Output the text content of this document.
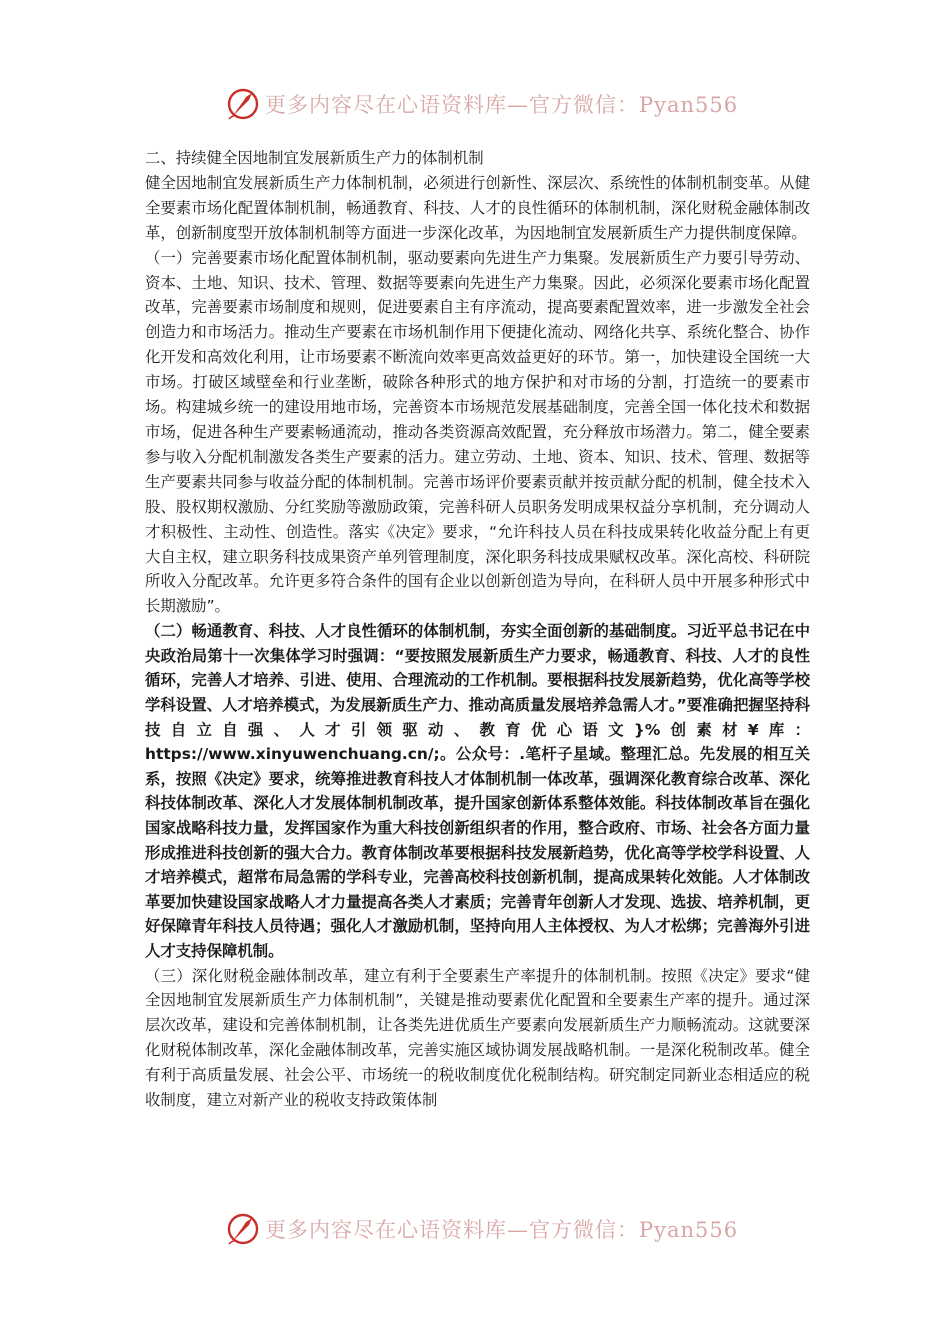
更多内容尽在心语资料库—官方微信：Pyan556

二、持续健全因地制宜发展新质生产力的体制机制

健全因地制宜发展新质生产力体制机制，必须进行创新性、深层次、系统性的体制机制变革。从健全要素市场化配置体制机制，畅通教育、科技、人才的良性循环的体制机制，深化财税金融体制改革，创新制度型开放体制机制等方面进一步深化改革，为因地制宜发展新质生产力提供制度保障。

（一）完善要素市场化配置体制机制，驱动要素向先进生产力集聚。发展新质生产力要引导劳动、资本、土地、知识、技术、管理、数据等要素向先进生产力集聚。因此，必须深化要素市场化配置改革，完善要素市场制度和规则，促进要素自主有序流动，提高要素配置效率，进一步激发全社会创造力和市场活力。推动生产要素在市场机制作用下便捷化流动、网络化共享、系统化整合、协作化开发和高效化利用，让市场要素不断流向效率更高效益更好的环节。第一，加快建设全国统一大市场。打破区域壁垒和行业垄断，破除各种形式的地方保护和对市场的分割，打造统一的要素市场。构建城乡统一的建设用地市场，完善资本市场规范发展基础制度，完善全国一体化技术和数据市场，促进各种生产要素畅通流动，推动各类资源高效配置，充分释放市场潜力。第二，健全要素参与收入分配机制激发各类生产要素的活力。建立劳动、土地、资本、知识、技术、管理、数据等生产要素共同参与收益分配的体制机制。完善市场评价要素贡献并按贡献分配的机制，健全技术入股、股权期权激励、分红奖励等激励政策，完善科研人员职务发明成果权益分享机制，充分调动人才积极性、主动性、创造性。落实《决定》要求，“允许科技人员在科技成果转化收益分配上有更大自主权，建立职务科技成果资产单列管理制度，深化职务科技成果赋权改革。深化高校、科研院所收入分配改革。允许更多符合条件的国有企业以创新创造为导向，在科研人员中开展多种形式中长期激励”。

（二）畅通教育、科技、人才良性循环的体制机制，夯实全面创新的基础制度。习近平总书记在中央政治局第十一次集体学习时强调：“要按照发展新质生产力要求，畅通教育、科技、人才的良性循环，完善人才培养、引进、使用、合理流动的工作机制。要根据科技发展新趋势，优化高等学校学科设置、人才培养模式，为发展新质生产力、推动高质量发展培养急需人才。”要准确把握坚持科技自立自强、人才引领驱动、教育优心语文}%创素材¥库：https://www.xinyuwenchuang.cn/;。公众号：.笔杆子星域。整理汇总。先发展的相互关系，按照《决定》要求，统筹推进教育科技人才体制机制一体改革，强调深化教育综合改革、深化科技体制改革、深化人才发展体制机制改革，提升国家创新体系整体效能。科技体制改革旨在强化国家战略科技力量，发挥国家作为重大科技创新组织者的作用，整合政府、市场、社会各方面力量形成推进科技创新的强大合力。教育体制改革要根据科技发展新趋势，优化高等学校学科设置、人才培养模式，超常布局急需的学科专业，完善高校科技创新机制，提高成果转化效能。人才体制改革要加快建设国家战略人才力量提高各类人才素质；完善青年创新人才发现、选拔、培养机制，更好保障青年科技人员待遇；强化人才激励机制，坚持向用人主体授权、为人才松绑；完善海外引进人才支持保障机制。

（三）深化财税金融体制改革，建立有利于全要素生产率提升的体制机制。按照《决定》要求“健全因地制宜发展新质生产力体制机制”，关键是推动要素优化配置和全要素生产率的提升。通过深层次改革，建设和完善体制机制，让各类先进优质生产要素向发展新质生产力顺畅流动。这就要深化财税体制改革，深化金融体制改革，完善实施区域协调发展战略机制。一是深化税制改革。健全有利于高质量发展、社会公平、市场统一的税收制度优化税制结构。研究制定同新业态相适应的税收制度，建立对新产业的税收支持政策体制

更多内容尽在心语资料库—官方微信：Pyan556
